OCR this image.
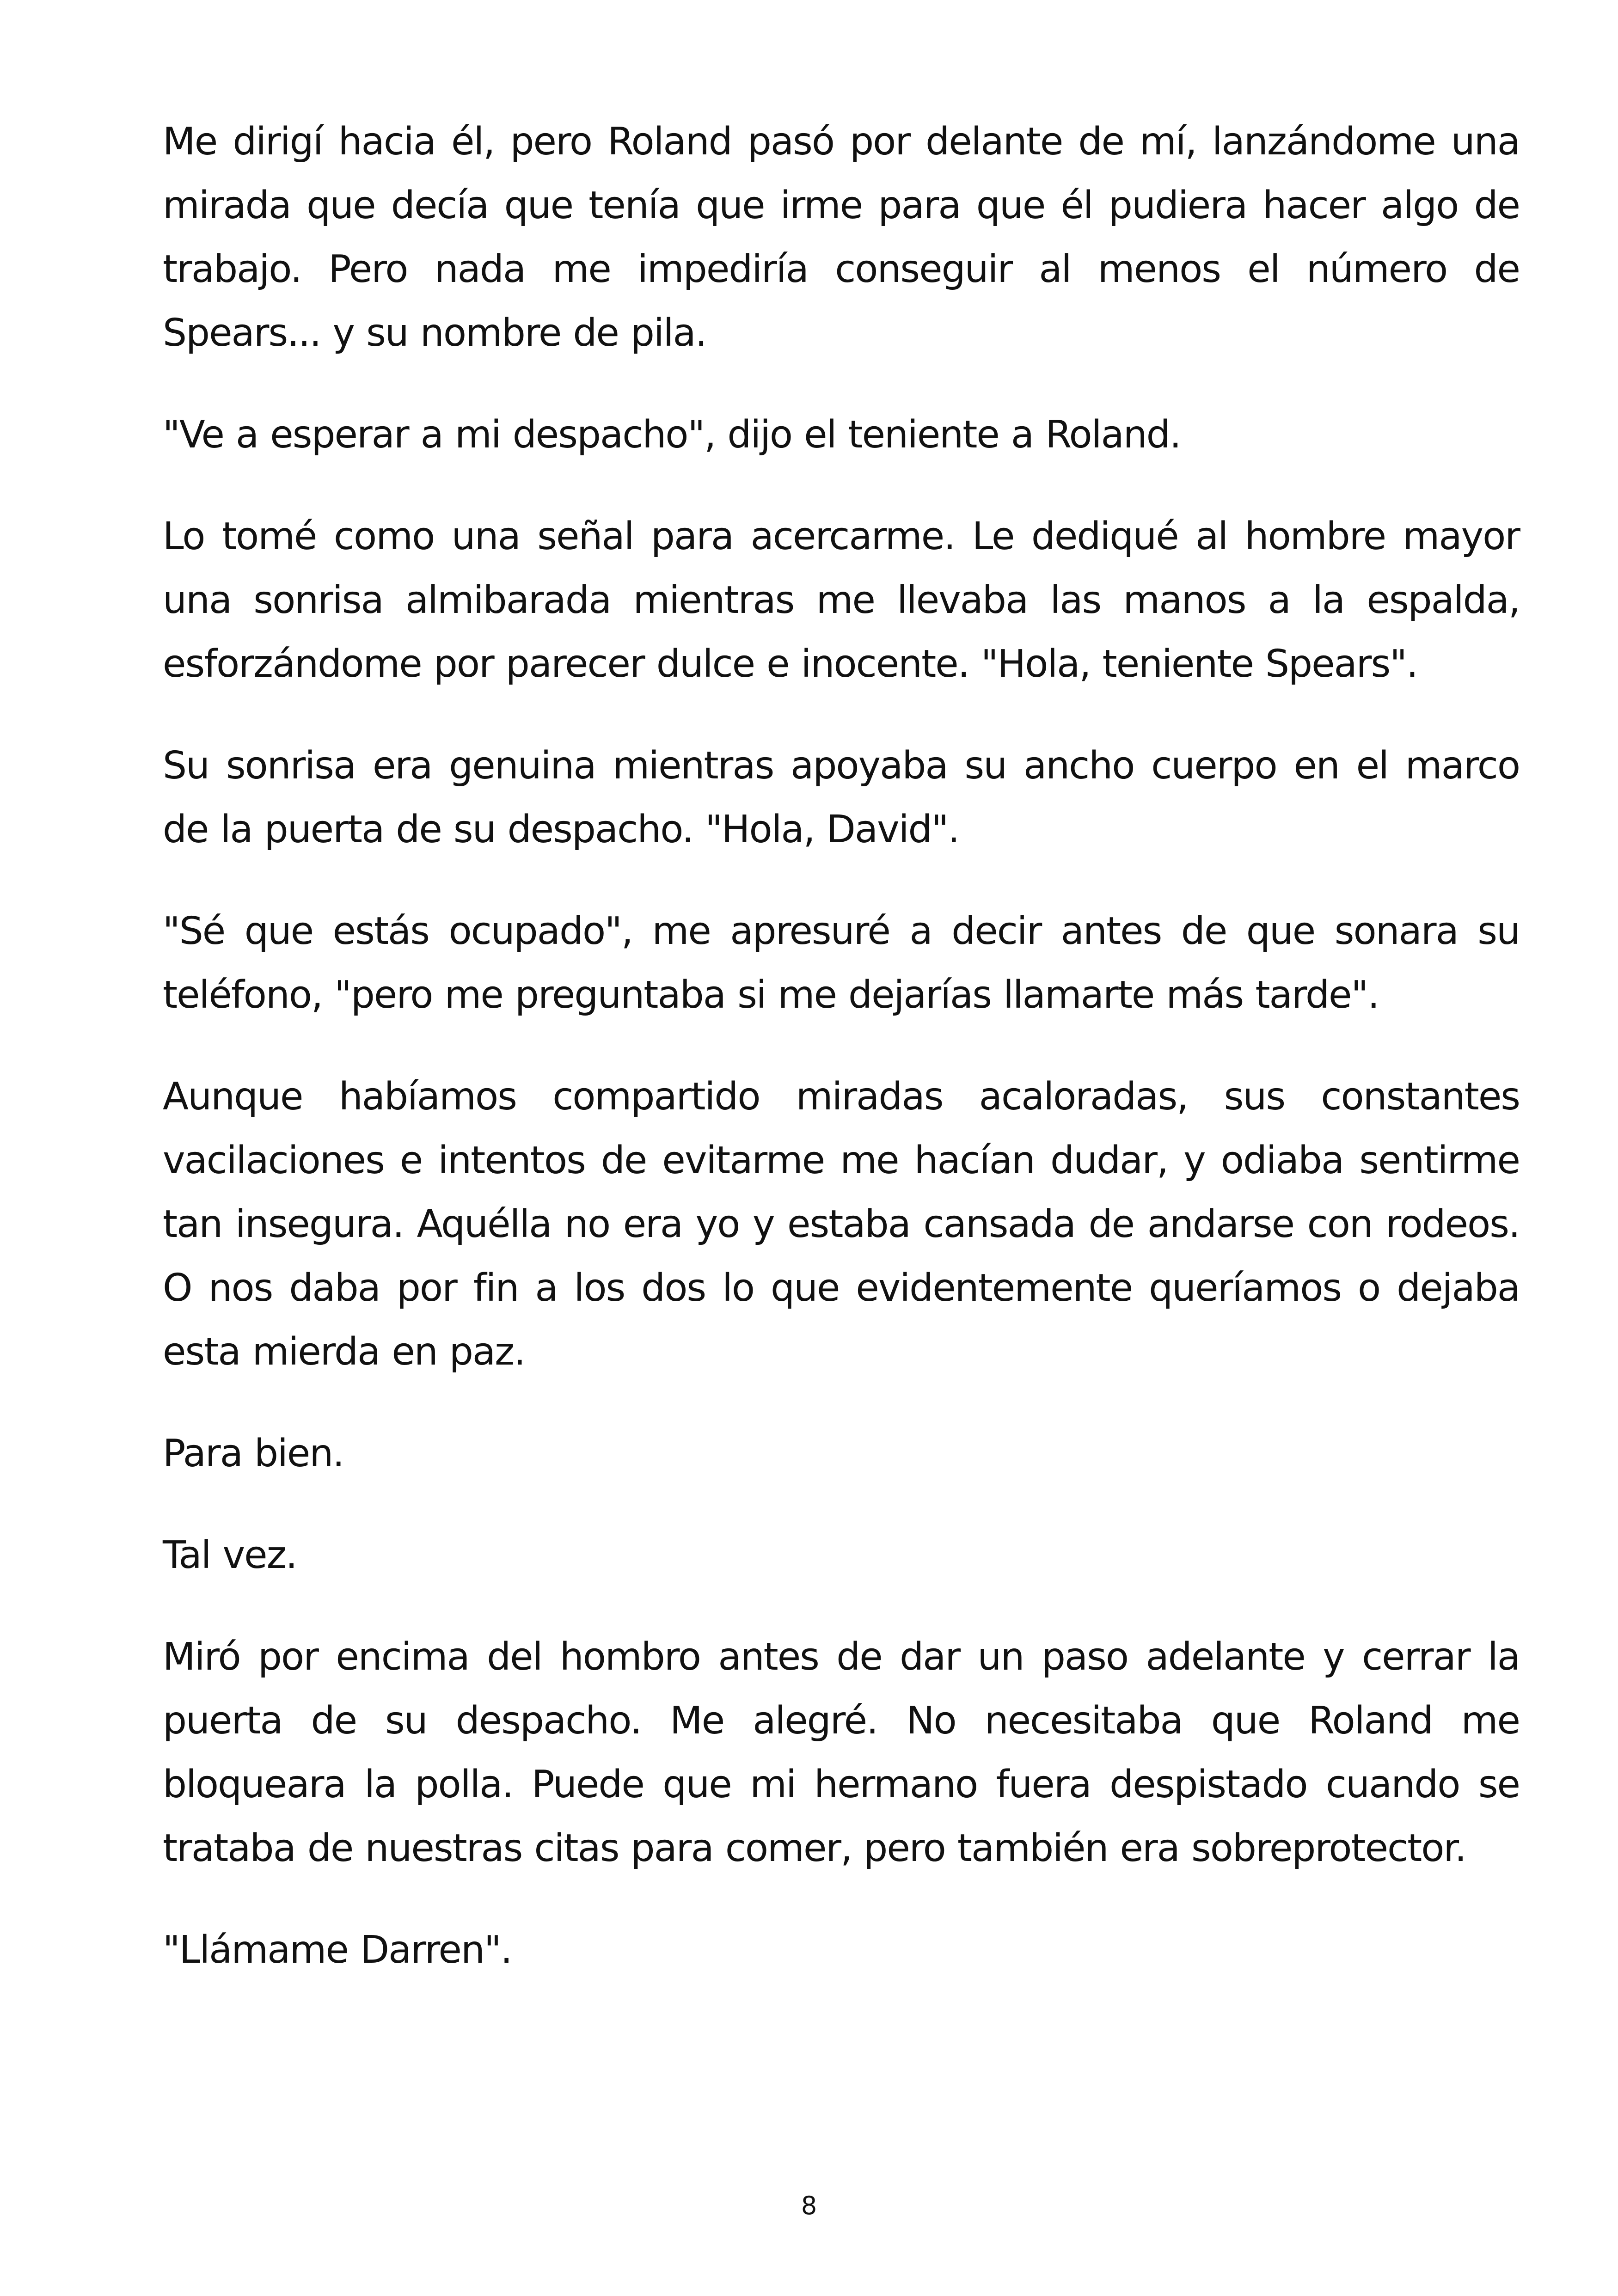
Me dirigí hacia él, pero Roland pasó por delante de mí, lanzándome una mirada que decía que tenía que irme para que él pudiera hacer algo de trabajo. Pero nada me impediría conseguir al menos el número de Spears... y su nombre de pila.

"Ve a esperar a mi despacho", dijo el teniente a Roland.

Lo tomé como una señal para acercarme. Le dediqué al hombre mayor una sonrisa almibarada mientras me llevaba las manos a la espalda, esforzándome por parecer dulce e inocente. "Hola, teniente Spears".

Su sonrisa era genuina mientras apoyaba su ancho cuerpo en el marco de la puerta de su despacho. "Hola, David".

"Sé que estás ocupado", me apresuré a decir antes de que sonara su teléfono, "pero me preguntaba si me dejarías llamarte más tarde".

Aunque habíamos compartido miradas acaloradas, sus constantes vacilaciones e intentos de evitarme me hacían dudar, y odiaba sentirme tan insegura. Aquélla no era yo y estaba cansada de andarse con rodeos. O nos daba por fin a los dos lo que evidentemente queríamos o dejaba esta mierda en paz.

Para bien.

Tal vez.

Miró por encima del hombro antes de dar un paso adelante y cerrar la puerta de su despacho. Me alegré. No necesitaba que Roland me bloqueara la polla. Puede que mi hermano fuera despistado cuando se trataba de nuestras citas para comer, pero también era sobreprotector.

"Llámame Darren".

8
